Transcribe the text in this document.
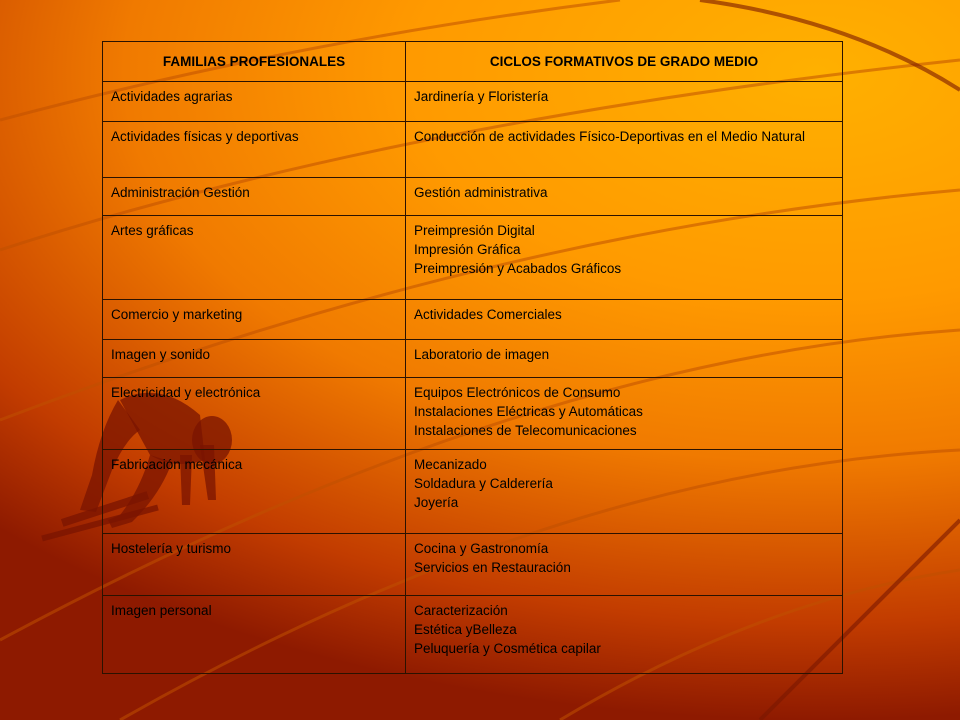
FAMILIAS PROFESIONALES	CICLOS FORMATIVOS DE GRADO MEDIO
Actividades agrarias	Jardinería y Floristería

Actividades físicas y deportivas	Conducción de actividades Físico-Deportivas en el Medio Natural
Administración Gestión	Gestión administrativa

Artes gráficas	Preimpresión Digital
Impresión Gráfica
Preimpresión y Acabados Gráficos

Comercio y marketing	Actividades Comerciales

Imagen y sonido	Laboratorio de imagen

Electricidad y electrónica	Equipos Electrónicos de Consumo
Instalaciones Eléctricas y Automáticas
Instalaciones de Telecomunicaciones

Fabricación mecánica	Mecanizado
Soldadura y Calderería
Joyería

Hostelería y turismo	Cocina y Gastronomía
Servicios en Restauración

Imagen personal	Caracterización
Estética yBelleza
Peluquería y Cosmética capilar
